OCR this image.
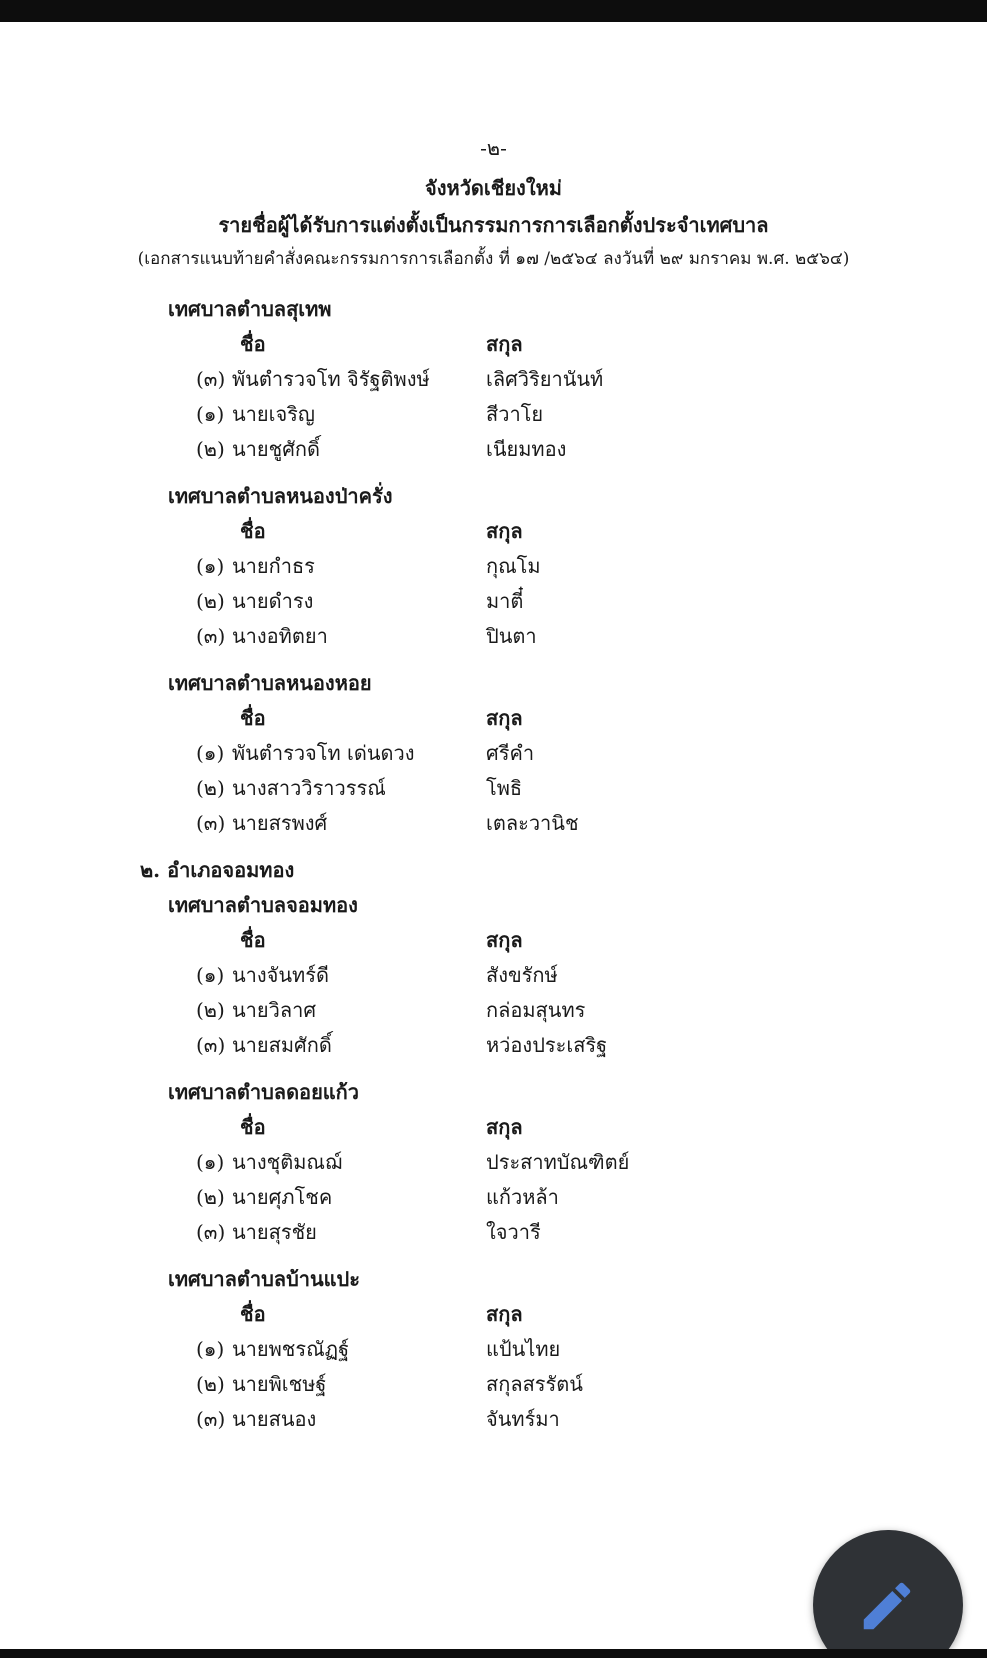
-๒-
จังหวัดเชียงใหม่
รายชื่อผู้ได้รับการแต่งตั้งเป็นกรรมการการเลือกตั้งประจำเทศบาล
(เอกสารแนบท้ายคำสั่งคณะกรรมการการเลือกตั้ง ที่ ๑๗ /๒๕๖๔ ลงวันที่ ๒๙ มกราคม พ.ศ. ๒๕๖๔)
เทศบาลตำบลสุเทพ
ชื่อ	สกุล
(๓) พันตำรวจโท จิรัฐติพงษ์	เลิศวิริยานันท์
(๑) นายเจริญ	สีวาโย
(๒) นายชูศักดิ์	เนียมทอง
เทศบาลตำบลหนองป่าครั่ง
ชื่อ	สกุล
(๑) นายกำธร	กุณโม
(๒) นายดำรง	มาตี๋
(๓) นางอทิตยา	ปินตา
เทศบาลตำบลหนองหอย
ชื่อ	สกุล
(๑) พันตำรวจโท เด่นดวง	ศรีคำ
(๒) นางสาววิราวรรณ์	โพธิ
(๓) นายสรพงศ์	เตละวานิช
๒. อำเภอจอมทอง
เทศบาลตำบลจอมทอง
ชื่อ	สกุล
(๑) นางจันทร์ดี	สังขรักษ์
(๒) นายวิลาศ	กล่อมสุนทร
(๓) นายสมศักดิ์	หว่องประเสริฐ
เทศบาลตำบลดอยแก้ว
ชื่อ	สกุล
(๑) นางชุติมณฌ์	ประสาทบัณฑิตย์
(๒) นายศุภโชค	แก้วหล้า
(๓) นายสุรชัย	ใจวารี
เทศบาลตำบลบ้านแปะ
ชื่อ	สกุล
(๑) นายพชรณัฏฐ์	แป้นไทย
(๒) นายพิเชษฐ์	สกุลสรรัตน์
(๓) นายสนอง	จันทร์มา
